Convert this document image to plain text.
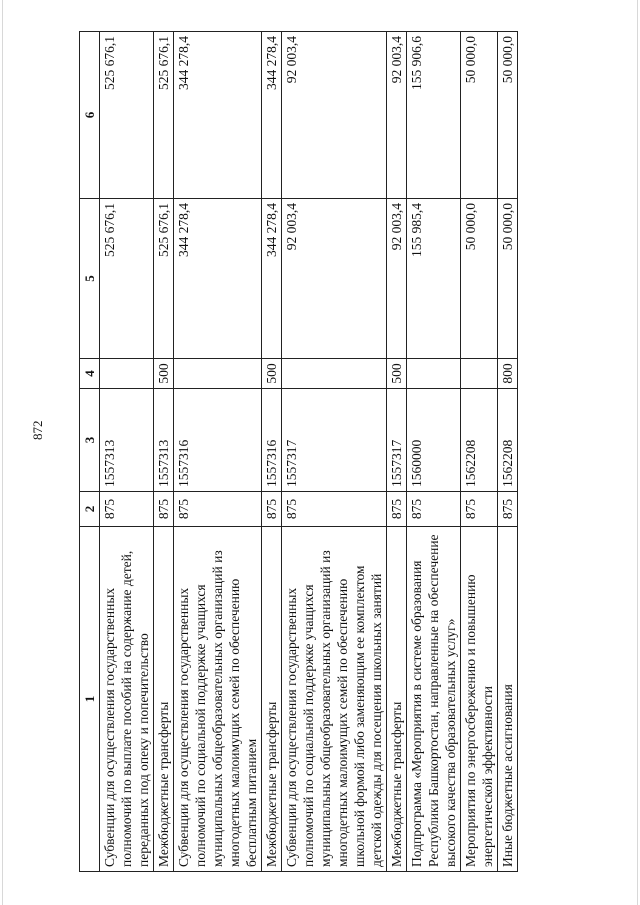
872
1	2	3	4	5	6
Субвенции для осуществления государственных полномочий по выплате пособий на содержание детей, переданных под опеку и попечительство	875	1557313		525 676,1	525 676,1
Межбюджетные трансферты	875	1557313	500	525 676,1	525 676,1
Субвенции для осуществления государственных полномочий по социальной поддержке учащихся муниципальных общеобразовательных организаций из многодетных малоимущих семей по обеспечению бесплатным питанием	875	1557316		344 278,4	344 278,4
Межбюджетные трансферты	875	1557316	500	344 278,4	344 278,4
Субвенции для осуществления государственных полномочий по социальной поддержке учащихся муниципальных общеобразовательных организаций из многодетных малоимущих семей по обеспечению школьной формой либо заменяющим ее комплектом детской одежды для посещения школьных занятий	875	1557317		92 003,4	92 003,4
Межбюджетные трансферты	875	1557317	500	92 003,4	92 003,4
Подпрограмма «Мероприятия в системе образования Республики Башкортостан, направленные на обеспечение высокого качества образовательных услуг»	875	1560000		155 985,4	155 906,6
Мероприятия по энергосбережению и повышению энергетической эффективности	875	1562208		50 000,0	50 000,0
Иные бюджетные ассигнования	875	1562208	800	50 000,0	50 000,0
